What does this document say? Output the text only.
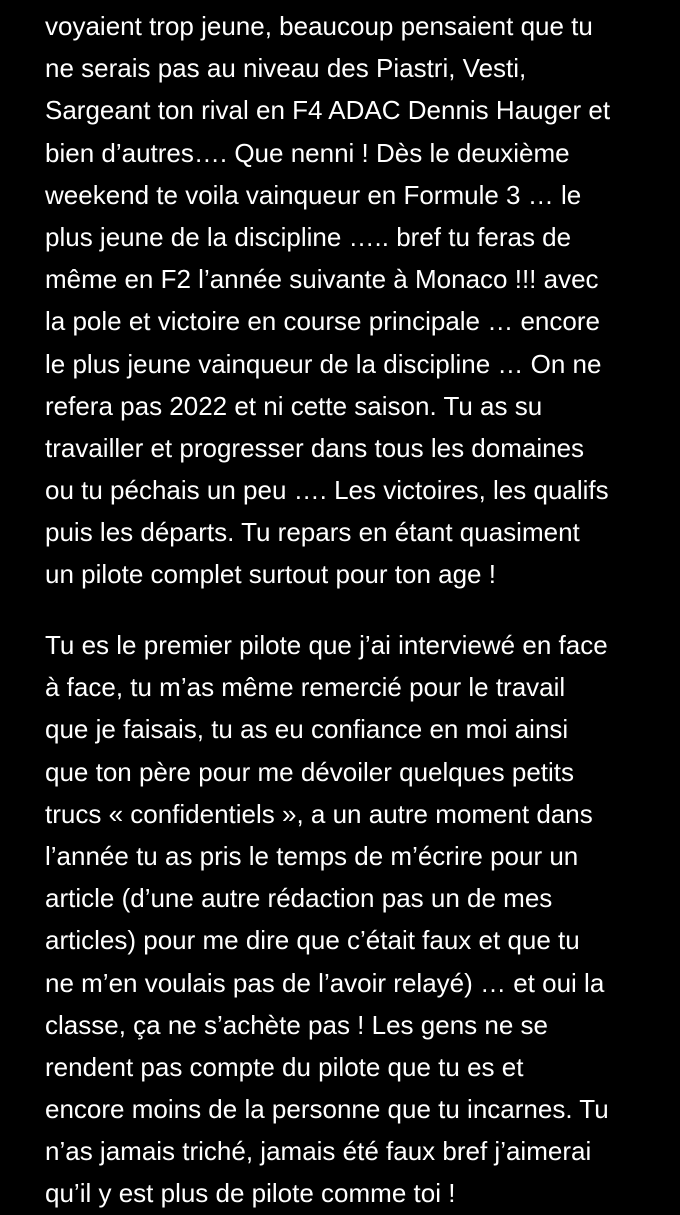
voyaient trop jeune, beaucoup pensaient que tu
ne serais pas au niveau des Piastri, Vesti,
Sargeant ton rival en F4 ADAC Dennis Hauger et
bien d’autres…. Que nenni ! Dès le deuxième
weekend te voila vainqueur en Formule 3 … le
plus jeune de la discipline ….. bref tu feras de
même en F2 l’année suivante à Monaco !!! avec
la pole et victoire en course principale … encore
le plus jeune vainqueur de la discipline … On ne
refera pas 2022 et ni cette saison. Tu as su
travailler et progresser dans tous les domaines
ou tu péchais un peu …. Les victoires, les qualifs
puis les départs. Tu repars en étant quasiment
un pilote complet surtout pour ton age !

Tu es le premier pilote que j’ai interviewé en face
à face, tu m’as même remercié pour le travail
que je faisais, tu as eu confiance en moi ainsi
que ton père pour me dévoiler quelques petits
trucs « confidentiels », a un autre moment dans
l’année tu as pris le temps de m’écrire pour un
article (d’une autre rédaction pas un de mes
articles) pour me dire que c’était faux et que tu
ne m’en voulais pas de l’avoir relayé) … et oui la
classe, ça ne s’achète pas ! Les gens ne se
rendent pas compte du pilote que tu es et
encore moins de la personne que tu incarnes. Tu
n’as jamais triché, jamais été faux bref j’aimerai
qu’il y est plus de pilote comme toi !
